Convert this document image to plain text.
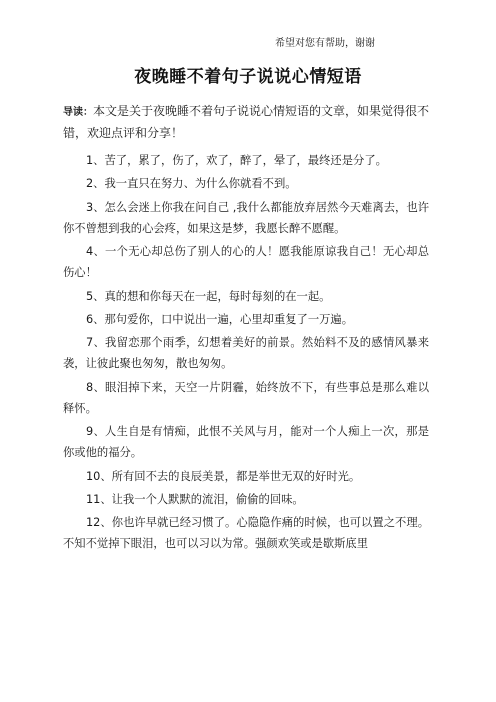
希望对您有帮助，谢谢
夜晚睡不着句子说说心情短语
导读：本文是关于夜晚睡不着句子说说心情短语的文章，如果觉得很不错，欢迎点评和分享！

1、苦了，累了，伤了，欢了，醉了，晕了，最终还是分了。

2、我一直只在努力、为什么你就看不到。

3、怎么会迷上你我在问自己 ,我什么都能放弃居然今天难离去，也许你不曾想到我的心会疼，如果这是梦，我愿长醉不愿醒。

4、一个无心却总伤了别人的心的人！愿我能原谅我自己！无心却总伤心！

5、真的想和你每天在一起，每时每刻的在一起。

6、那句爱你，口中说出一遍，心里却重复了一万遍。

7、我留恋那个雨季，幻想着美好的前景。然始料不及的感情风暴来袭，让彼此聚也匆匆，散也匆匆。

8、眼泪掉下来，天空一片阴霾，始终放不下，有些事总是那么难以释怀。

9、人生自是有情痴，此恨不关风与月，能对一个人痴上一次，那是你或他的福分。

10、所有回不去的良辰美景，都是举世无双的好时光。

11、让我一个人默默的流泪，偷偷的回味。

12、你也许早就已经习惯了。心隐隐作痛的时候，也可以置之不理。不知不觉掉下眼泪，也可以习以为常。强颜欢笑或是歇斯底里
